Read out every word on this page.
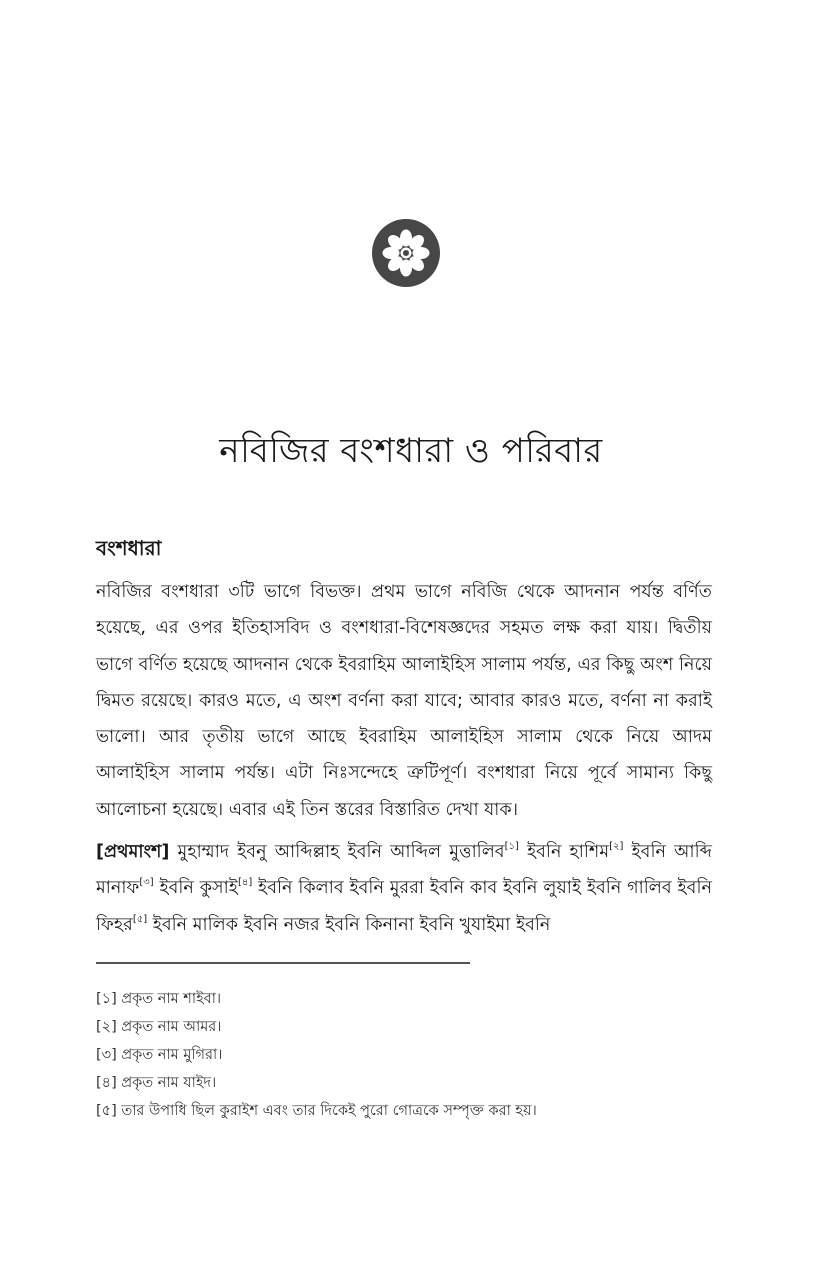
নবিজির বংশধারা ও পরিবার
বংশধারা

নবিজির বংশধারা ৩টি ভাগে বিভক্ত। প্রথম ভাগে নবিজি থেকে আদনান পর্যন্ত বর্ণিত হয়েছে, এর ওপর ইতিহাসবিদ ও বংশধারা-বিশেষজ্ঞদের সহমত লক্ষ করা যায়। দ্বিতীয় ভাগে বর্ণিত হয়েছে আদনান থেকে ইবরাহিম আলাইহিস সালাম পর্যন্ত, এর কিছু অংশ নিয়ে দ্বিমত রয়েছে। কারও মতে, এ অংশ বর্ণনা করা যাবে; আবার কারও মতে, বর্ণনা না করাই ভালো। আর তৃতীয় ভাগে আছে ইবরাহিম আলাইহিস সালাম থেকে নিয়ে আদম আলাইহিস সালাম পর্যন্ত। এটা নিঃসন্দেহে ত্রুটিপূর্ণ। বংশধারা নিয়ে পূর্বে সামান্য কিছু আলোচনা হয়েছে। এবার এই তিন স্তরের বিস্তারিত দেখা যাক।

[প্রথমাংশ] মুহাম্মাদ ইবনু আব্দিল্লাহ ইবনি আব্দিল মুত্তালিব[১] ইবনি হাশিম[২] ইবনি আব্দি মানাফ[৩] ইবনি কুসাই[৪] ইবনি কিলাব ইবনি মুররা ইবনি কাব ইবনি লুয়াই ইবনি গালিব ইবনি ফিহর[৫] ইবনি মালিক ইবনি নজর ইবনি কিনানা ইবনি খুযাইমা ইবনি

[১] প্রকৃত নাম শাইবা।
[২] প্রকৃত নাম আমর।
[৩] প্রকৃত নাম মুগিরা।
[৪] প্রকৃত নাম যাইদ।
[৫] তার উপাধি ছিল কুরাইশ এবং তার দিকেই পুরো গোত্রকে সম্পৃক্ত করা হয়।
